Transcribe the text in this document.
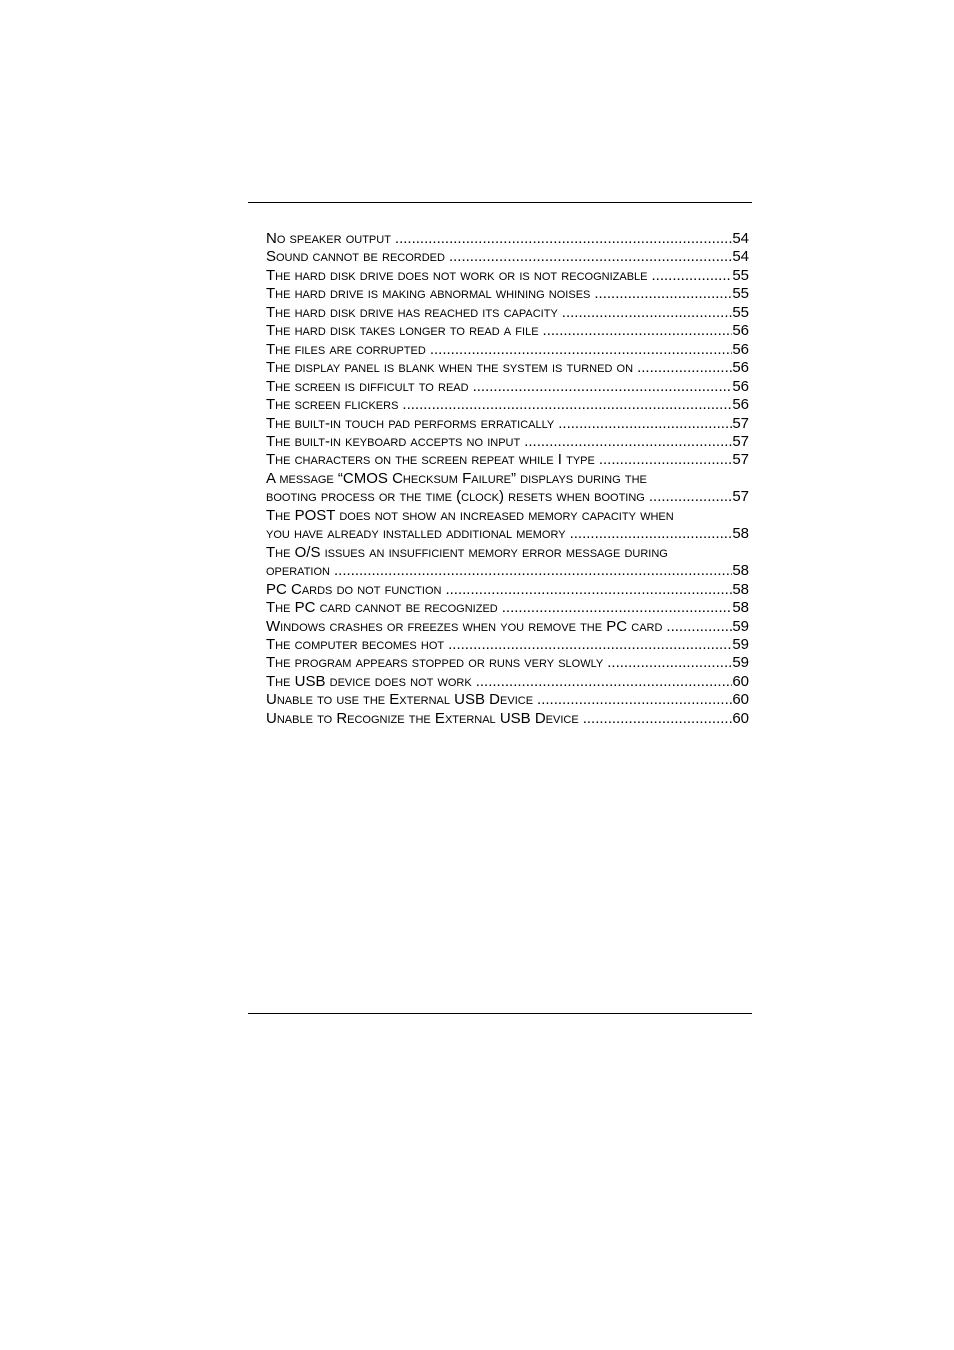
No speaker output .....	54
Sound cannot be recorded .....	54
The hard disk drive does not work or is not recognizable .....	55
The hard drive is making abnormal whining noises .....	55
The hard disk drive has reached its capacity .....	55
The hard disk takes longer to read a file .....	56
The files are corrupted .....	56
The display panel is blank when the system is turned on .....	56
The screen is difficult to read .....	56
The screen flickers .....	56
The built-in touch pad performs erratically .....	57
The built-in keyboard accepts no input .....	57
The characters on the screen repeat while I type .....	57
A message “CMOS Checksum Failure” displays during the
booting process or the time (clock) resets when booting .....	57
The POST does not show an increased memory capacity when
you have already installed additional memory .....	58
The O/S issues an insufficient memory error message during
operation .....	58
PC Cards do not function .....	58
The PC card cannot be recognized .....	58
Windows crashes or freezes when you remove the PC card .....	59
The computer becomes hot .....	59
The program appears stopped or runs very slowly .....	59
The USB device does not work .....	60
Unable to use the External USB Device .....	60
Unable to Recognize the External USB Device .....	60
